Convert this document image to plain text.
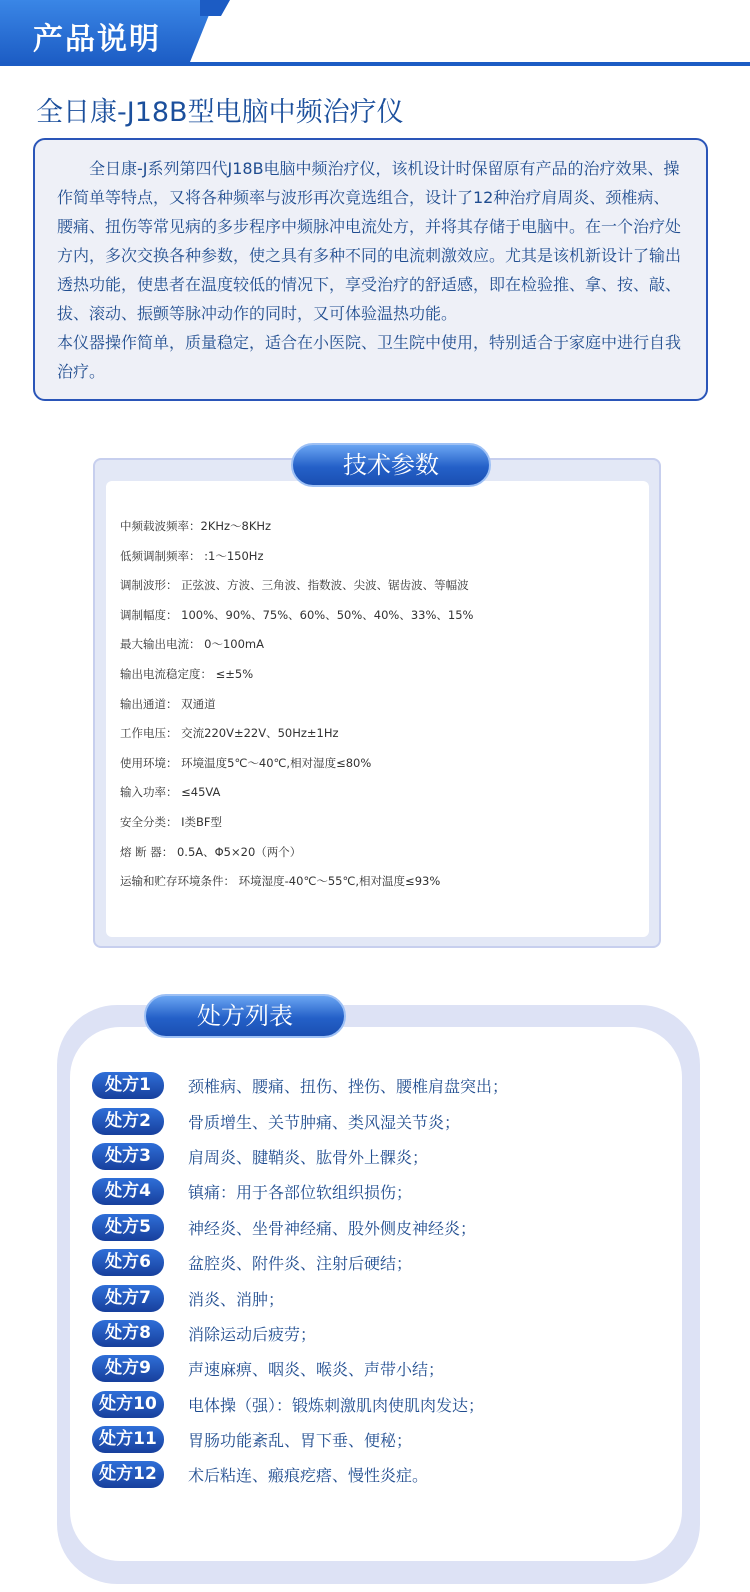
产品说明
全日康-J18B型电脑中频治疗仪

全日康-J系列第四代J18B电脑中频治疗仪，该机设计时保留原有产品的治疗效果、操作简单等特点，又将各种频率与波形再次竟选组合，设计了12种治疗肩周炎、颈椎病、腰痛、扭伤等常见病的多步程序中频脉冲电流处方，并将其存储于电脑中。在一个治疗处方内，多次交换各种参数，使之具有多种不同的电流刺激效应。尤其是该机新设计了输出透热功能，使患者在温度较低的情况下，享受治疗的舒适感，即在检验推、拿、按、敲、拔、滚动、振颤等脉冲动作的同时，又可体验温热功能。

本仪器操作简单，质量稳定，适合在小医院、卫生院中使用，特别适合于家庭中进行自我治疗。

技术参数
中频载波频率：2KHz～8KHz
低频调制频率： :1～150Hz
调制波形： 正弦波、方波、三角波、指数波、尖波、锯齿波、等幅波
调制幅度： 100%、90%、75%、60%、50%、40%、33%、15%
最大输出电流： 0～100mA
输出电流稳定度： ≤±5%
输出通道： 双通道
工作电压： 交流220V±22V、50Hz±1Hz
使用环境： 环境温度5℃～40℃,相对湿度≤80%
输入功率： ≤45VA
安全分类： I类BF型
熔 断 器： 0.5A、Φ5×20（两个）
运输和贮存环境条件： 环境湿度-40℃～55℃,相对温度≤93%
处方列表
处方1	颈椎病、腰痛、扭伤、挫伤、腰椎肩盘突出；
处方2	骨质增生、关节肿痛、类风湿关节炎；
处方3	肩周炎、腱鞘炎、肱骨外上髁炎；
处方4	镇痛：用于各部位软组织损伤；
处方5	神经炎、坐骨神经痛、股外侧皮神经炎；
处方6	盆腔炎、附件炎、注射后硬结；
处方7	消炎、消肿；
处方8	消除运动后疲劳；
处方9	声速麻痹、咽炎、喉炎、声带小结；
处方10	电体操（强）：锻炼刺激肌肉使肌肉发达；
处方11	胃肠功能紊乱、胃下垂、便秘；
处方12	术后粘连、瘢痕疙瘩、慢性炎症。
